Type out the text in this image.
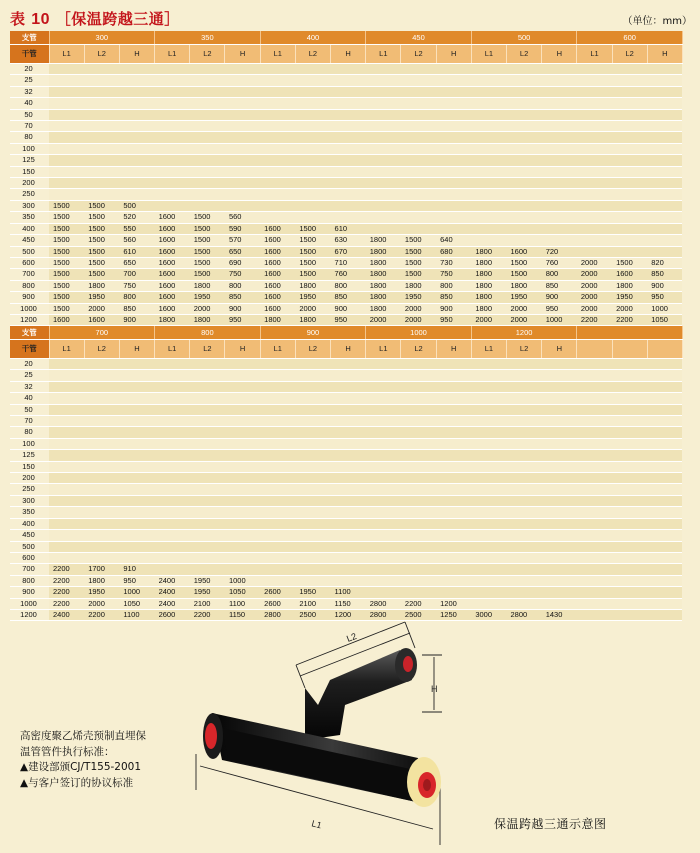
表 10 ［保温跨越三通］	（单位：mm）
支管	300			350			400			450			500			600		
干管	L1	L2	H	L1	L2	H	L1	L2	H	L1	L2	H	L1	L2	H	L1	L2	H
20																		
25																		
32																		
40																		
50																		
70																		
80																		
100																		
125																		
150																		
200																		
250																		
300	1500	1500	500															
350	1500	1500	520	1600	1500	560												
400	1500	1500	550	1600	1500	590	1600	1500	610									
450	1500	1500	560	1600	1500	570	1600	1500	630	1800	1500	640						
500	1500	1500	610	1600	1500	650	1600	1500	670	1800	1500	680	1800	1600	720			
600	1500	1500	650	1600	1500	690	1600	1500	710	1800	1500	730	1800	1500	760	2000	1500	820
700	1500	1500	700	1600	1500	750	1600	1500	760	1800	1500	750	1800	1500	800	2000	1600	850
800	1500	1800	750	1600	1800	800	1600	1800	800	1800	1800	800	1800	1800	850	2000	1800	900
900	1500	1950	800	1600	1950	850	1600	1950	850	1800	1950	850	1800	1950	900	2000	1950	950
1000	1500	2000	850	1600	2000	900	1600	2000	900	1800	2000	900	1800	2000	950	2000	2000	1000
1200	1600	1600	900	1800	1800	950	1800	1800	950	2000	2000	950	2000	2000	1000	2200	2200	1050
支管	700			800			900			1000			1200					
干管	L1	L2	H	L1	L2	H	L1	L2	H	L1	L2	H	L1	L2	H			
20																		
25																		
32																		
40																		
50																		
70																		
80																		
100																		
125																		
150																		
200																		
250																		
300																		
350																		
400																		
450																		
500																		
600																		
700	2200	1700	910															
800	2200	1800	950	2400	1950	1000												
900	2200	1950	1000	2400	1950	1050	2600	1950	1100									
1000	2200	2000	1050	2400	2100	1100	2600	2100	1150	2800	2200	1200						
1200	2400	2200	1100	2600	2200	1150	2800	2500	1200	2800	2500	1250	3000	2800	1430			
L2
H
L1
高密度聚乙烯壳预制直埋保
温管管件执行标准：
▲建设部颁CJ/T155-2001
▲与客户签订的协议标准
保温跨越三通示意图
